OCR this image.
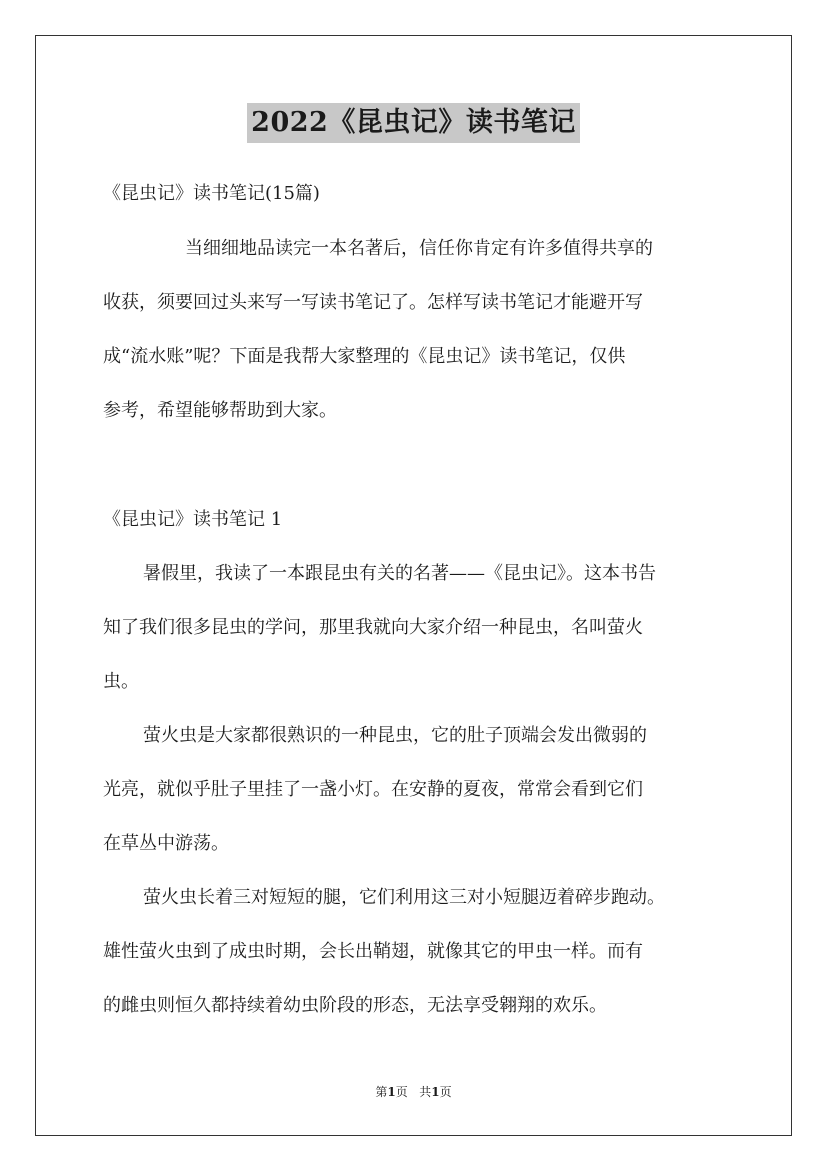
2022《昆虫记》读书笔记
《昆虫记》读书笔记(15篇)
当细细地品读完一本名著后，信任你肯定有许多值得共享的
收获，须要回过头来写一写读书笔记了。怎样写读书笔记才能避开写
成“流水账”呢？下面是我帮大家整理的《昆虫记》读书笔记，仅供
参考，希望能够帮助到大家。
《昆虫记》读书笔记 1
暑假里，我读了一本跟昆虫有关的名著——《昆虫记》。这本书告
知了我们很多昆虫的学问，那里我就向大家介绍一种昆虫，名叫萤火
虫。
萤火虫是大家都很熟识的一种昆虫，它的肚子顶端会发出微弱的
光亮，就似乎肚子里挂了一盏小灯。在安静的夏夜，常常会看到它们
在草丛中游荡。
萤火虫长着三对短短的腿，它们利用这三对小短腿迈着碎步跑动。
雄性萤火虫到了成虫时期，会长出鞘翅，就像其它的甲虫一样。而有
的雌虫则恒久都持续着幼虫阶段的形态，无法享受翱翔的欢乐。
第1页 共1页
